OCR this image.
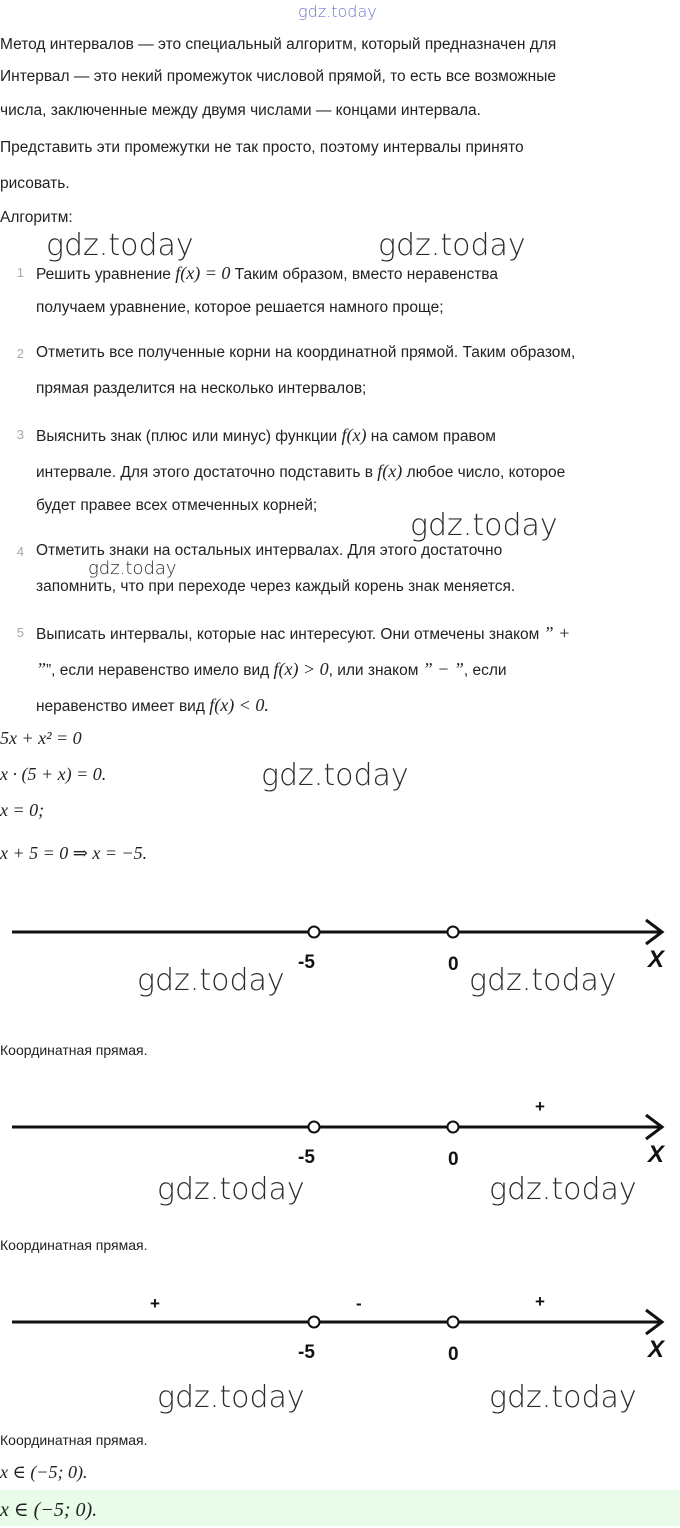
gdz.today
Метод интервалов — это специальный алгоритм, который предназначен для
Интервал — это некий промежуток числовой прямой, то есть все возможные
числа, заключенные между двумя числами — концами интервала.
Представить эти промежутки не так просто, поэтому интервалы принято
рисовать.
Алгоритм:
gdz.today	gdz.today
1 Решить уравнение f(x) = 0 Таким образом, вместо неравенства
получаем уравнение, которое решается намного проще;
2 Отметить все полученные корни на координатной прямой. Таким образом,
прямая разделится на несколько интервалов;
3 Выяснить знак (плюс или минус) функции f(x) на самом правом
интервале. Для этого достаточно подставить в f(x) любое число, которое
будет правее всех отмеченных корней;
gdz.today
4 Отметить знаки на остальных интервалах. Для этого достаточно
gdz.today
запомнить, что при переходе через каждый корень знак меняется.
5 Выписать интервалы, которые нас интересуют. Они отмечены знаком ” +
””, если неравенство имело вид f(x) > 0, или знаком ” − ”, если
неравенство имеет вид f(x) < 0.
5x + x² = 0
x · (5 + x) = 0.	gdz.today
x = 0;
x + 5 = 0 ⇒ x = −5.
-5	0	X
gdz.today	gdz.today
Координатная прямая.
+
-5	0	X
gdz.today	gdz.today
Координатная прямая.
+	-	+
-5	0	X
gdz.today	gdz.today
Координатная прямая.
x ∈ (−5; 0).
x ∈ (−5; 0).
